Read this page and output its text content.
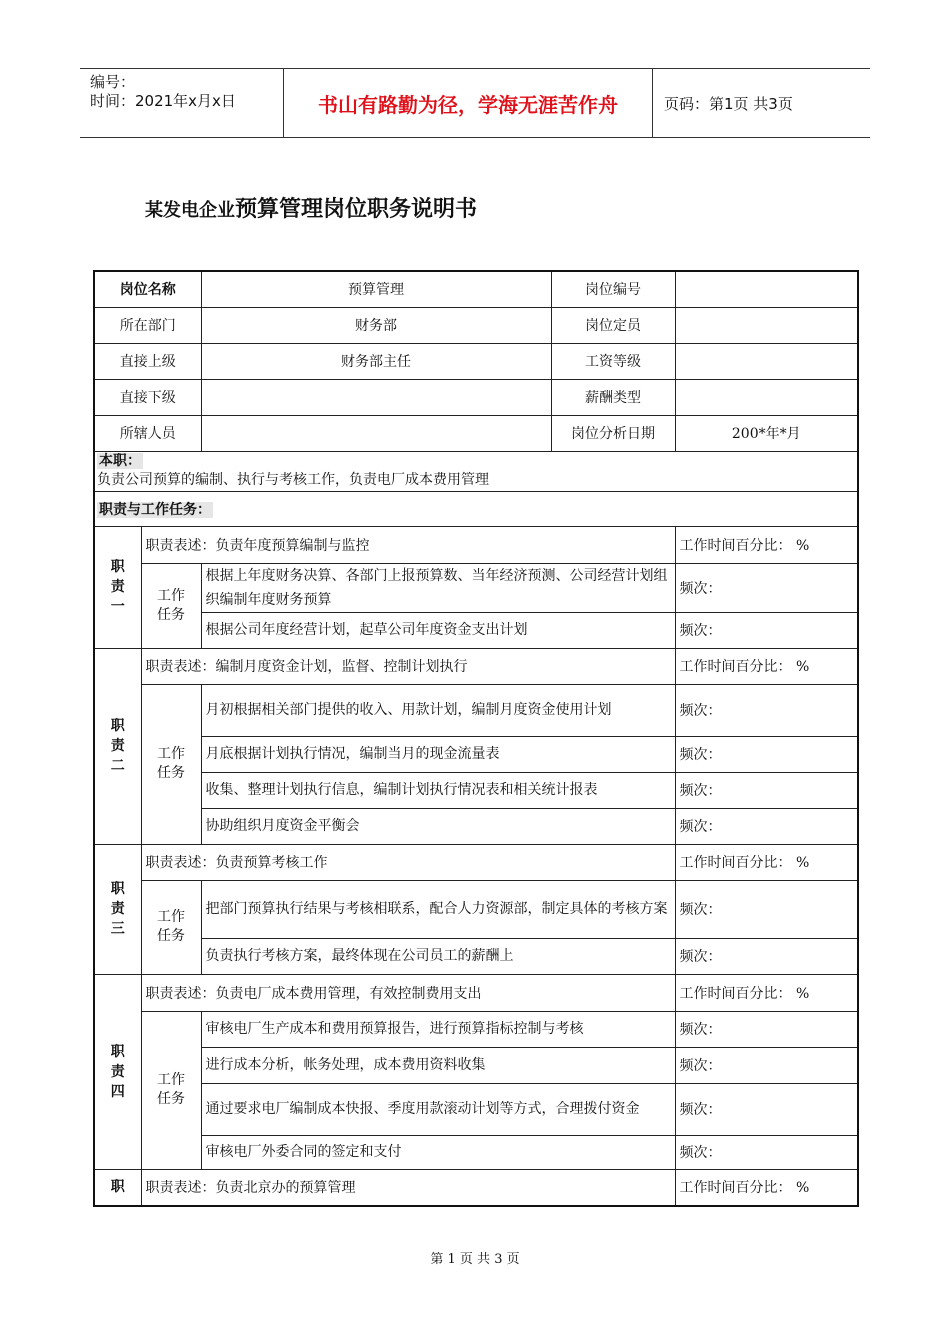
编号：
时间：2021年x月x日	书山有路勤为径，学海无涯苦作舟	页码：第1页 共3页
某发电企业预算管理岗位职务说明书
岗位名称		预算管理	岗位编号	
所在部门		财务部	岗位定员	
直接上级		财务部主任	工资等级	
直接下级			薪酬类型	
所辖人员			岗位分析日期	200*年*月
本职：
负责公司预算的编制、执行与考核工作，负责电厂成本费用管理				
职责与工作任务：				

职
责
一	职责表述：负责年度预算编制与监控			工作时间百分比： %
	工作
任务	根据上年度财务决算、各部门上报预算数、当年经济预测、公司经营计划组织编制年度财务预算		频次：
		根据公司年度经营计划，起草公司年度资金支出计划		频次：

职
责
二	职责表述：编制月度资金计划，监督、控制计划执行			工作时间百分比： %
	工作
任务	月初根据相关部门提供的收入、用款计划，编制月度资金使用计划		频次：
		月底根据计划执行情况，编制当月的现金流量表		频次：
		收集、整理计划执行信息，编制计划执行情况表和相关统计报表		频次：
		协助组织月度资金平衡会		频次：

职
责
三	职责表述：负责预算考核工作			工作时间百分比： %
	工作
任务	把部门预算执行结果与考核相联系，配合人力资源部，制定具体的考核方案		频次：
		负责执行考核方案，最终体现在公司员工的薪酬上		频次：

职
责
四	职责表述：负责电厂成本费用管理，有效控制费用支出			工作时间百分比： %
	工作
任务	审核电厂生产成本和费用预算报告，进行预算指标控制与考核		频次：
		进行成本分析，帐务处理，成本费用资料收集		频次：
		通过要求电厂编制成本快报、季度用款滚动计划等方式，合理拨付资金		频次：
		审核电厂外委合同的签定和支付		频次：
职	职责表述：负责北京办的预算管理			工作时间百分比： %
第 1 页 共 3 页
